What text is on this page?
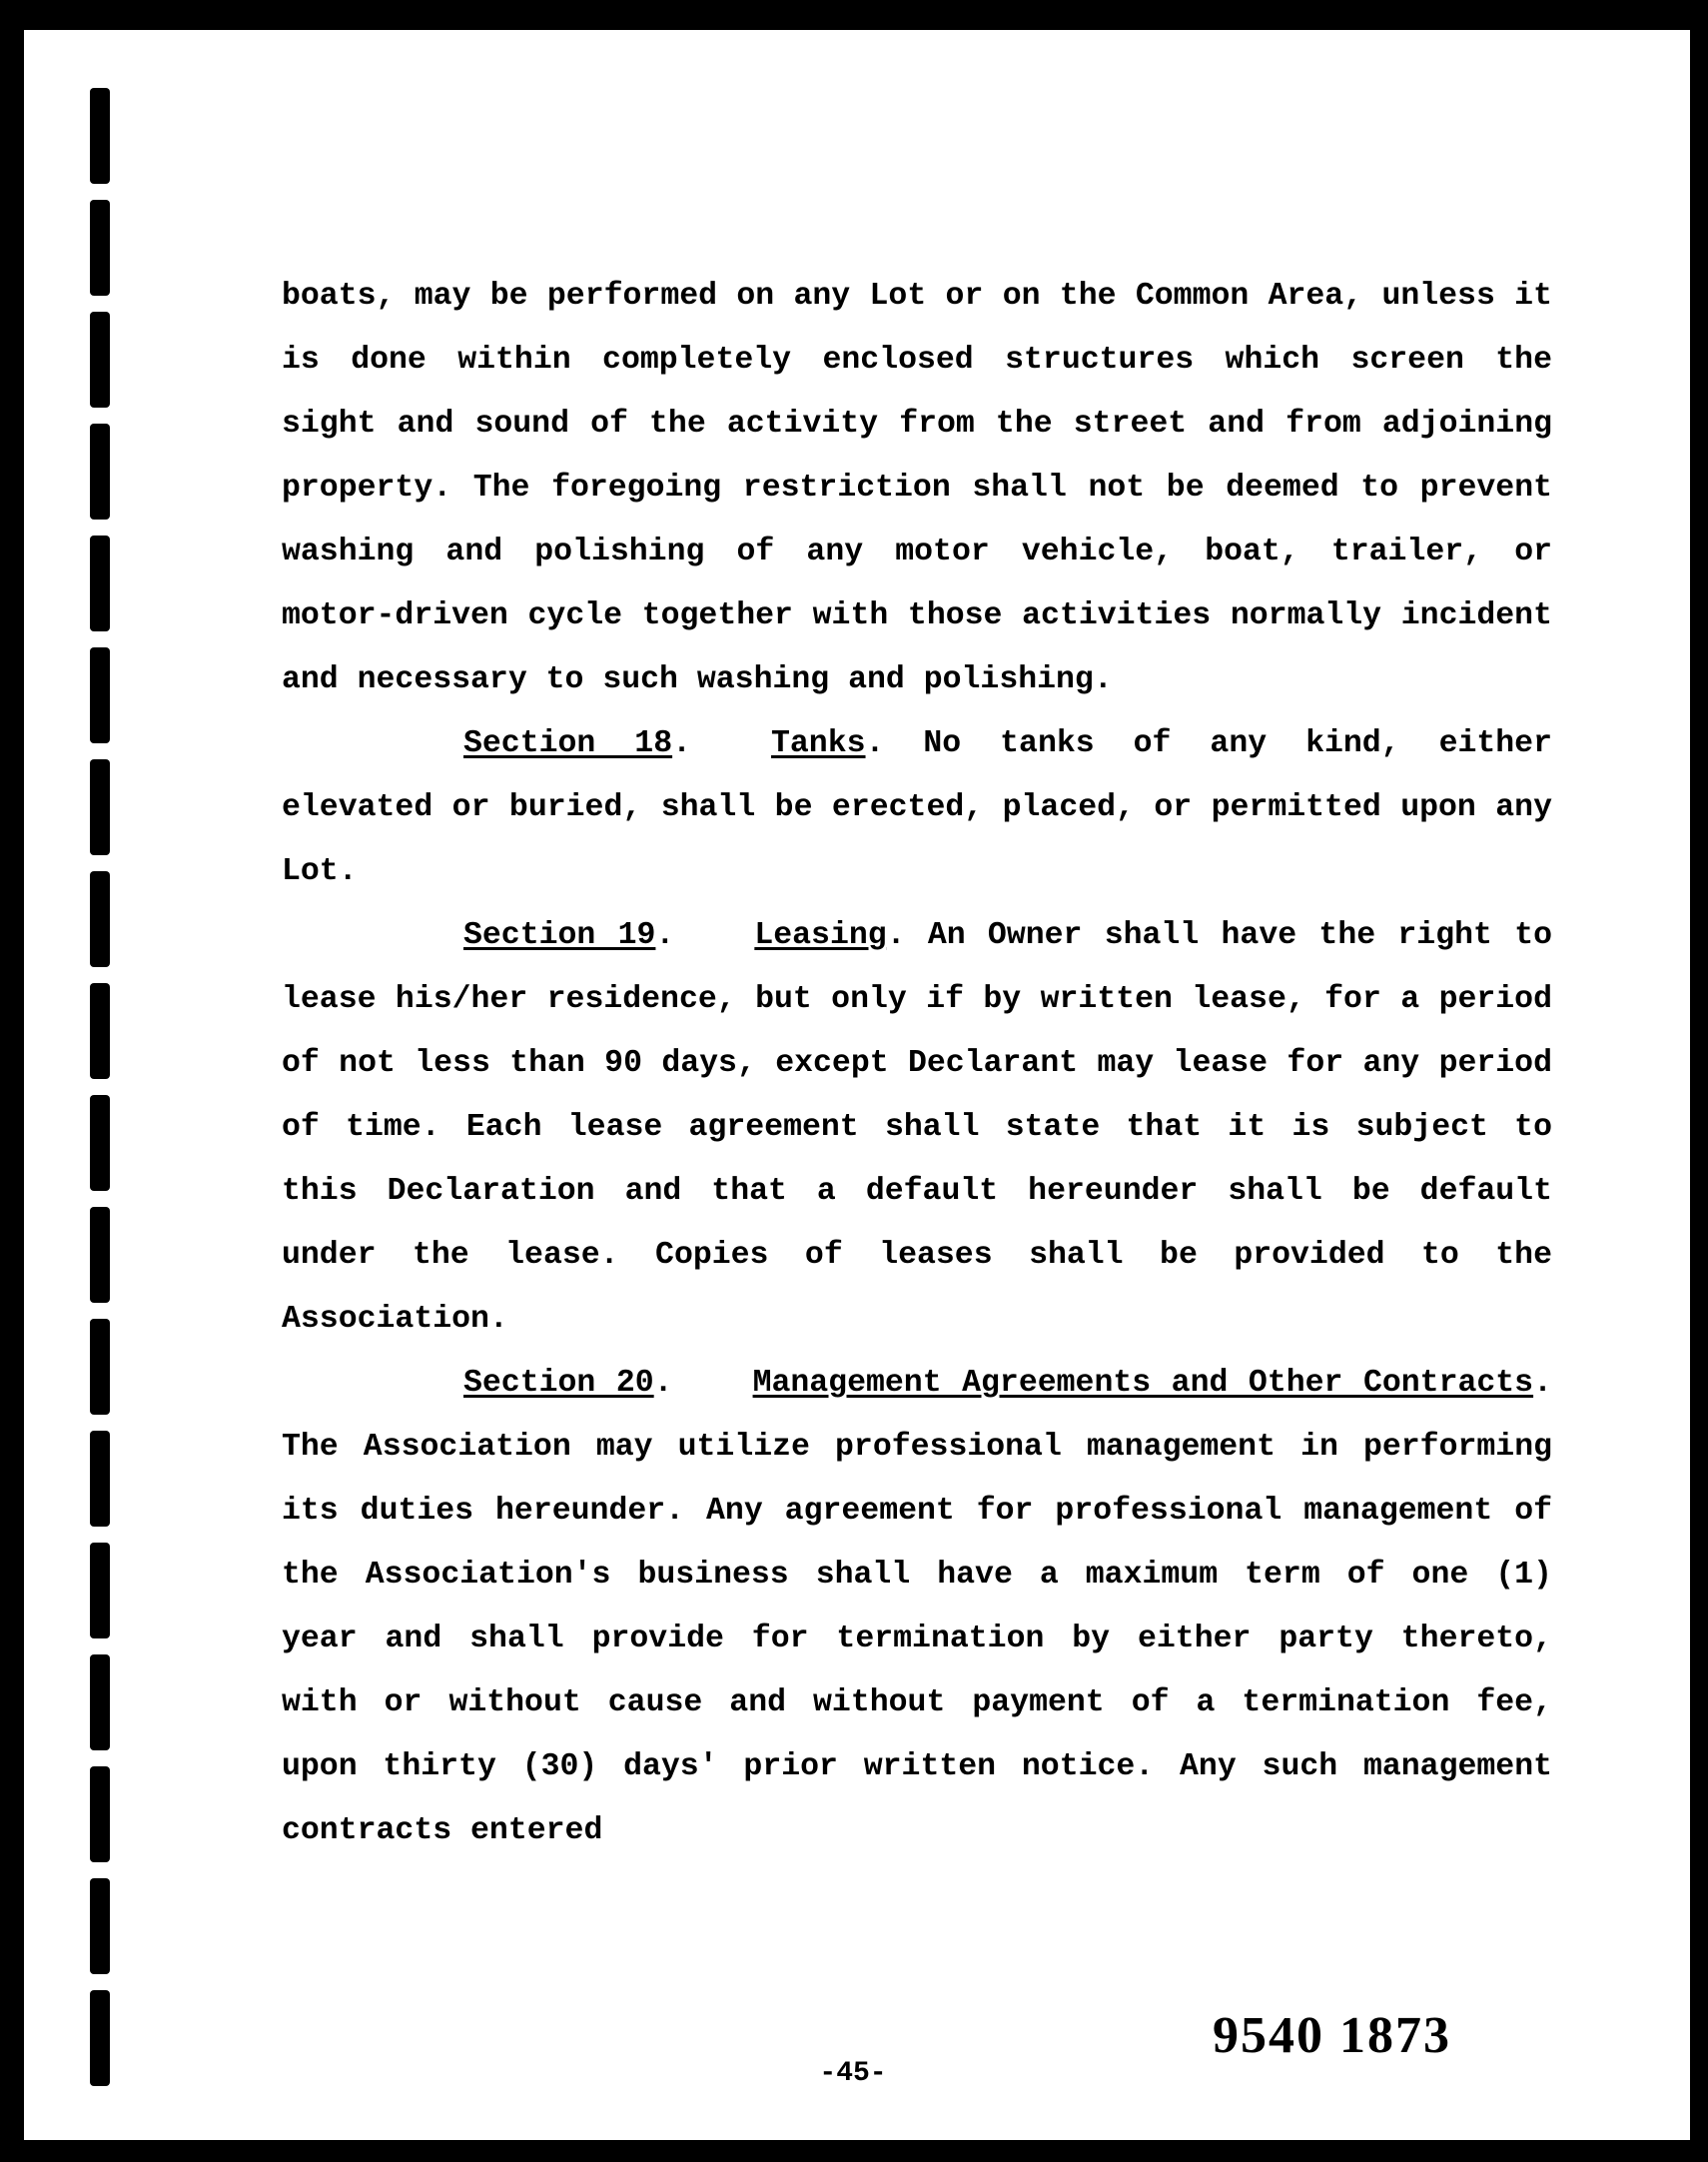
boats, may be performed on any Lot or on the Common Area, unless it is done within completely enclosed structures which screen the sight and sound of the activity from the street and from adjoining property. The foregoing restriction shall not be deemed to prevent washing and polishing of any motor vehicle, boat, trailer, or motor-driven cycle together with those activities normally incident and necessary to such washing and polishing.

Section 18.	Tanks. No tanks of any kind, either elevated or buried, shall be erected, placed, or permitted upon any Lot.

Section 19.	Leasing. An Owner shall have the right to lease his/her residence, but only if by written lease, for a period of not less than 90 days, except Declarant may lease for any period of time. Each lease agreement shall state that it is subject to this Declaration and that a default hereunder shall be default under the lease. Copies of leases shall be provided to the Association.

Section 20.	Management Agreements and Other Contracts. The Association may utilize professional management in performing its duties hereunder. Any agreement for professional management of the Association's business shall have a maximum term of one (1) year and shall provide for termination by either party thereto, with or without cause and without payment of a termination fee, upon thirty (30) days' prior written notice. Any such management contracts entered

9540 1873
-45-
